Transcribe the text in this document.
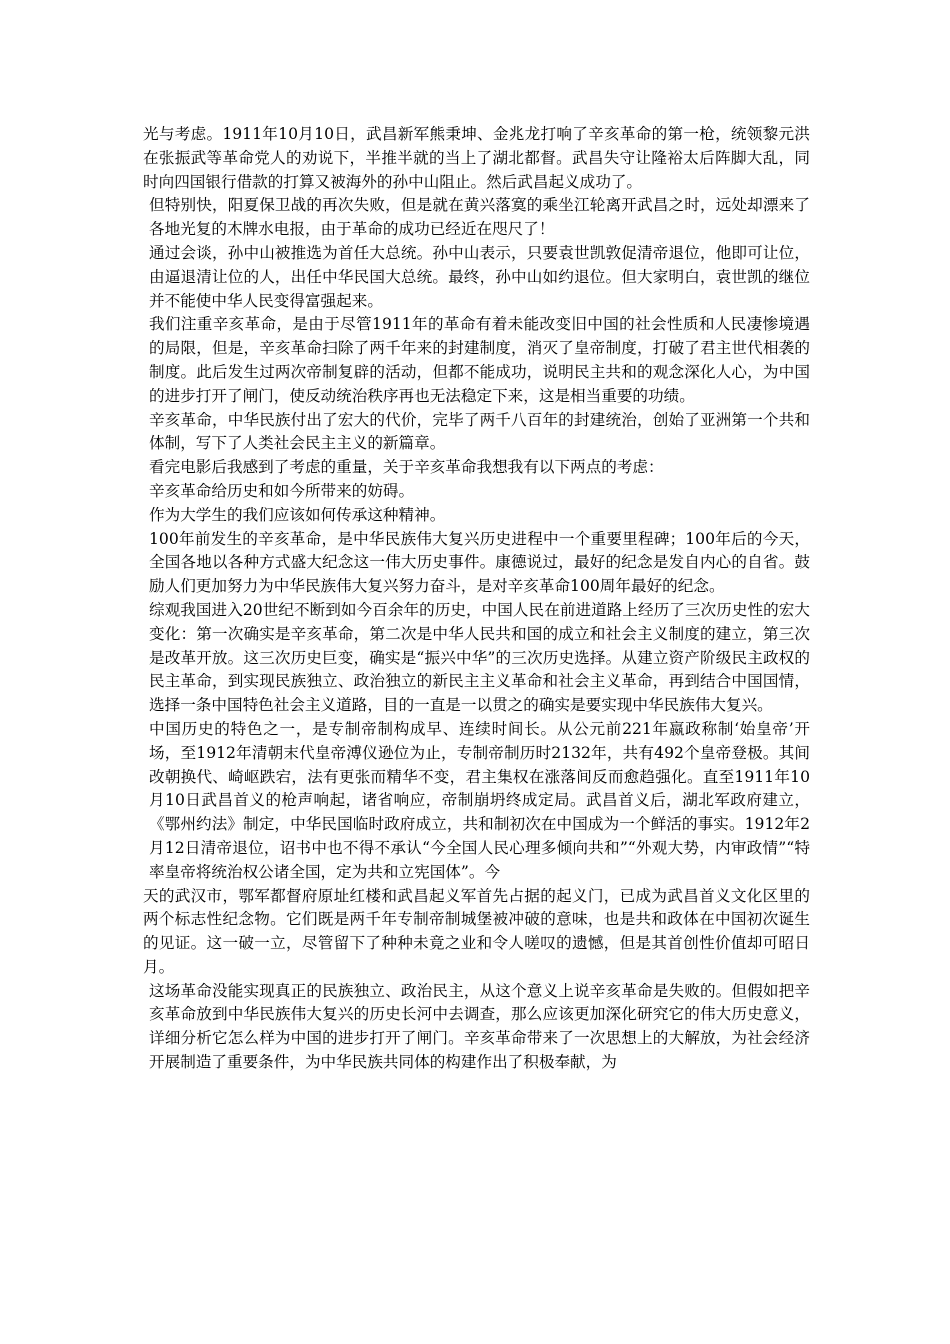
光与考虑。1911年10月10日，武昌新军熊秉坤、金兆龙打响了辛亥革命的第一枪，统领黎元洪在张振武等革命党人的劝说下，半推半就的当上了湖北都督。武昌失守让隆裕太后阵脚大乱，同时向四国银行借款的打算又被海外的孙中山阻止。然后武昌起义成功了。

但特别快，阳夏保卫战的再次失败，但是就在黄兴落寞的乘坐江轮离开武昌之时，远处却漂来了各地光复的木牌水电报，由于革命的成功已经近在咫尺了！

通过会谈，孙中山被推选为首任大总统。孙中山表示，只要袁世凯敦促清帝退位，他即可让位，由逼退清让位的人，出任中华民国大总统。最终，孙中山如约退位。但大家明白，袁世凯的继位并不能使中华人民变得富强起来。

我们注重辛亥革命，是由于尽管1911年的革命有着未能改变旧中国的社会性质和人民凄惨境遇的局限，但是，辛亥革命扫除了两千年来的封建制度，消灭了皇帝制度，打破了君主世代相袭的制度。此后发生过两次帝制复辟的活动，但都不能成功，说明民主共和的观念深化人心，为中国的进步打开了闸门，使反动统治秩序再也无法稳定下来，这是相当重要的功绩。

辛亥革命，中华民族付出了宏大的代价，完毕了两千八百年的封建统治，创始了亚洲第一个共和体制，写下了人类社会民主主义的新篇章。

看完电影后我感到了考虑的重量，关于辛亥革命我想我有以下两点的考虑：

辛亥革命给历史和如今所带来的妨碍。

作为大学生的我们应该如何传承这种精神。

100年前发生的辛亥革命，是中华民族伟大复兴历史进程中一个重要里程碑；100年后的今天，全国各地以各种方式盛大纪念这一伟大历史事件。康德说过，最好的纪念是发自内心的自省。鼓励人们更加努力为中华民族伟大复兴努力奋斗，是对辛亥革命100周年最好的纪念。

综观我国进入20世纪不断到如今百余年的历史，中国人民在前进道路上经历了三次历史性的宏大变化：第一次确实是辛亥革命，第二次是中华人民共和国的成立和社会主义制度的建立，第三次是改革开放。这三次历史巨变，确实是“振兴中华”的三次历史选择。从建立资产阶级民主政权的民主革命，到实现民族独立、政治独立的新民主主义革命和社会主义革命，再到结合中国国情，选择一条中国特色社会主义道路，目的一直是一以贯之的确实是要实现中华民族伟大复兴。

中国历史的特色之一，是专制帝制构成早、连续时间长。从公元前221年嬴政称制‘始皇帝’开场，至1912年清朝末代皇帝溥仪逊位为止，专制帝制历时2132年，共有492个皇帝登极。其间改朝换代、崎岖跌宕，法有更张而精华不变，君主集权在涨落间反而愈趋强化。直至1911年10月10日武昌首义的枪声响起，诸省响应，帝制崩坍终成定局。武昌首义后，湖北军政府建立，《鄂州约法》制定，中华民国临时政府成立，共和制初次在中国成为一个鲜活的事实。1912年2月12日清帝退位，诏书中也不得不承认“今全国人民心理多倾向共和”“外观大势，内审政情”“特率皇帝将统治权公诸全国，定为共和立宪国体”。今

天的武汉市，鄂军都督府原址红楼和武昌起义军首先占据的起义门，已成为武昌首义文化区里的两个标志性纪念物。它们既是两千年专制帝制城堡被冲破的意味，也是共和政体在中国初次诞生的见证。这一破一立，尽管留下了种种未竟之业和令人嗟叹的遗憾，但是其首创性价值却可昭日月。

这场革命没能实现真正的民族独立、政治民主，从这个意义上说辛亥革命是失败的。但假如把辛亥革命放到中华民族伟大复兴的历史长河中去调查，那么应该更加深化研究它的伟大历史意义，详细分析它怎么样为中国的进步打开了闸门。辛亥革命带来了一次思想上的大解放，为社会经济开展制造了重要条件，为中华民族共同体的构建作出了积极奉献，为
